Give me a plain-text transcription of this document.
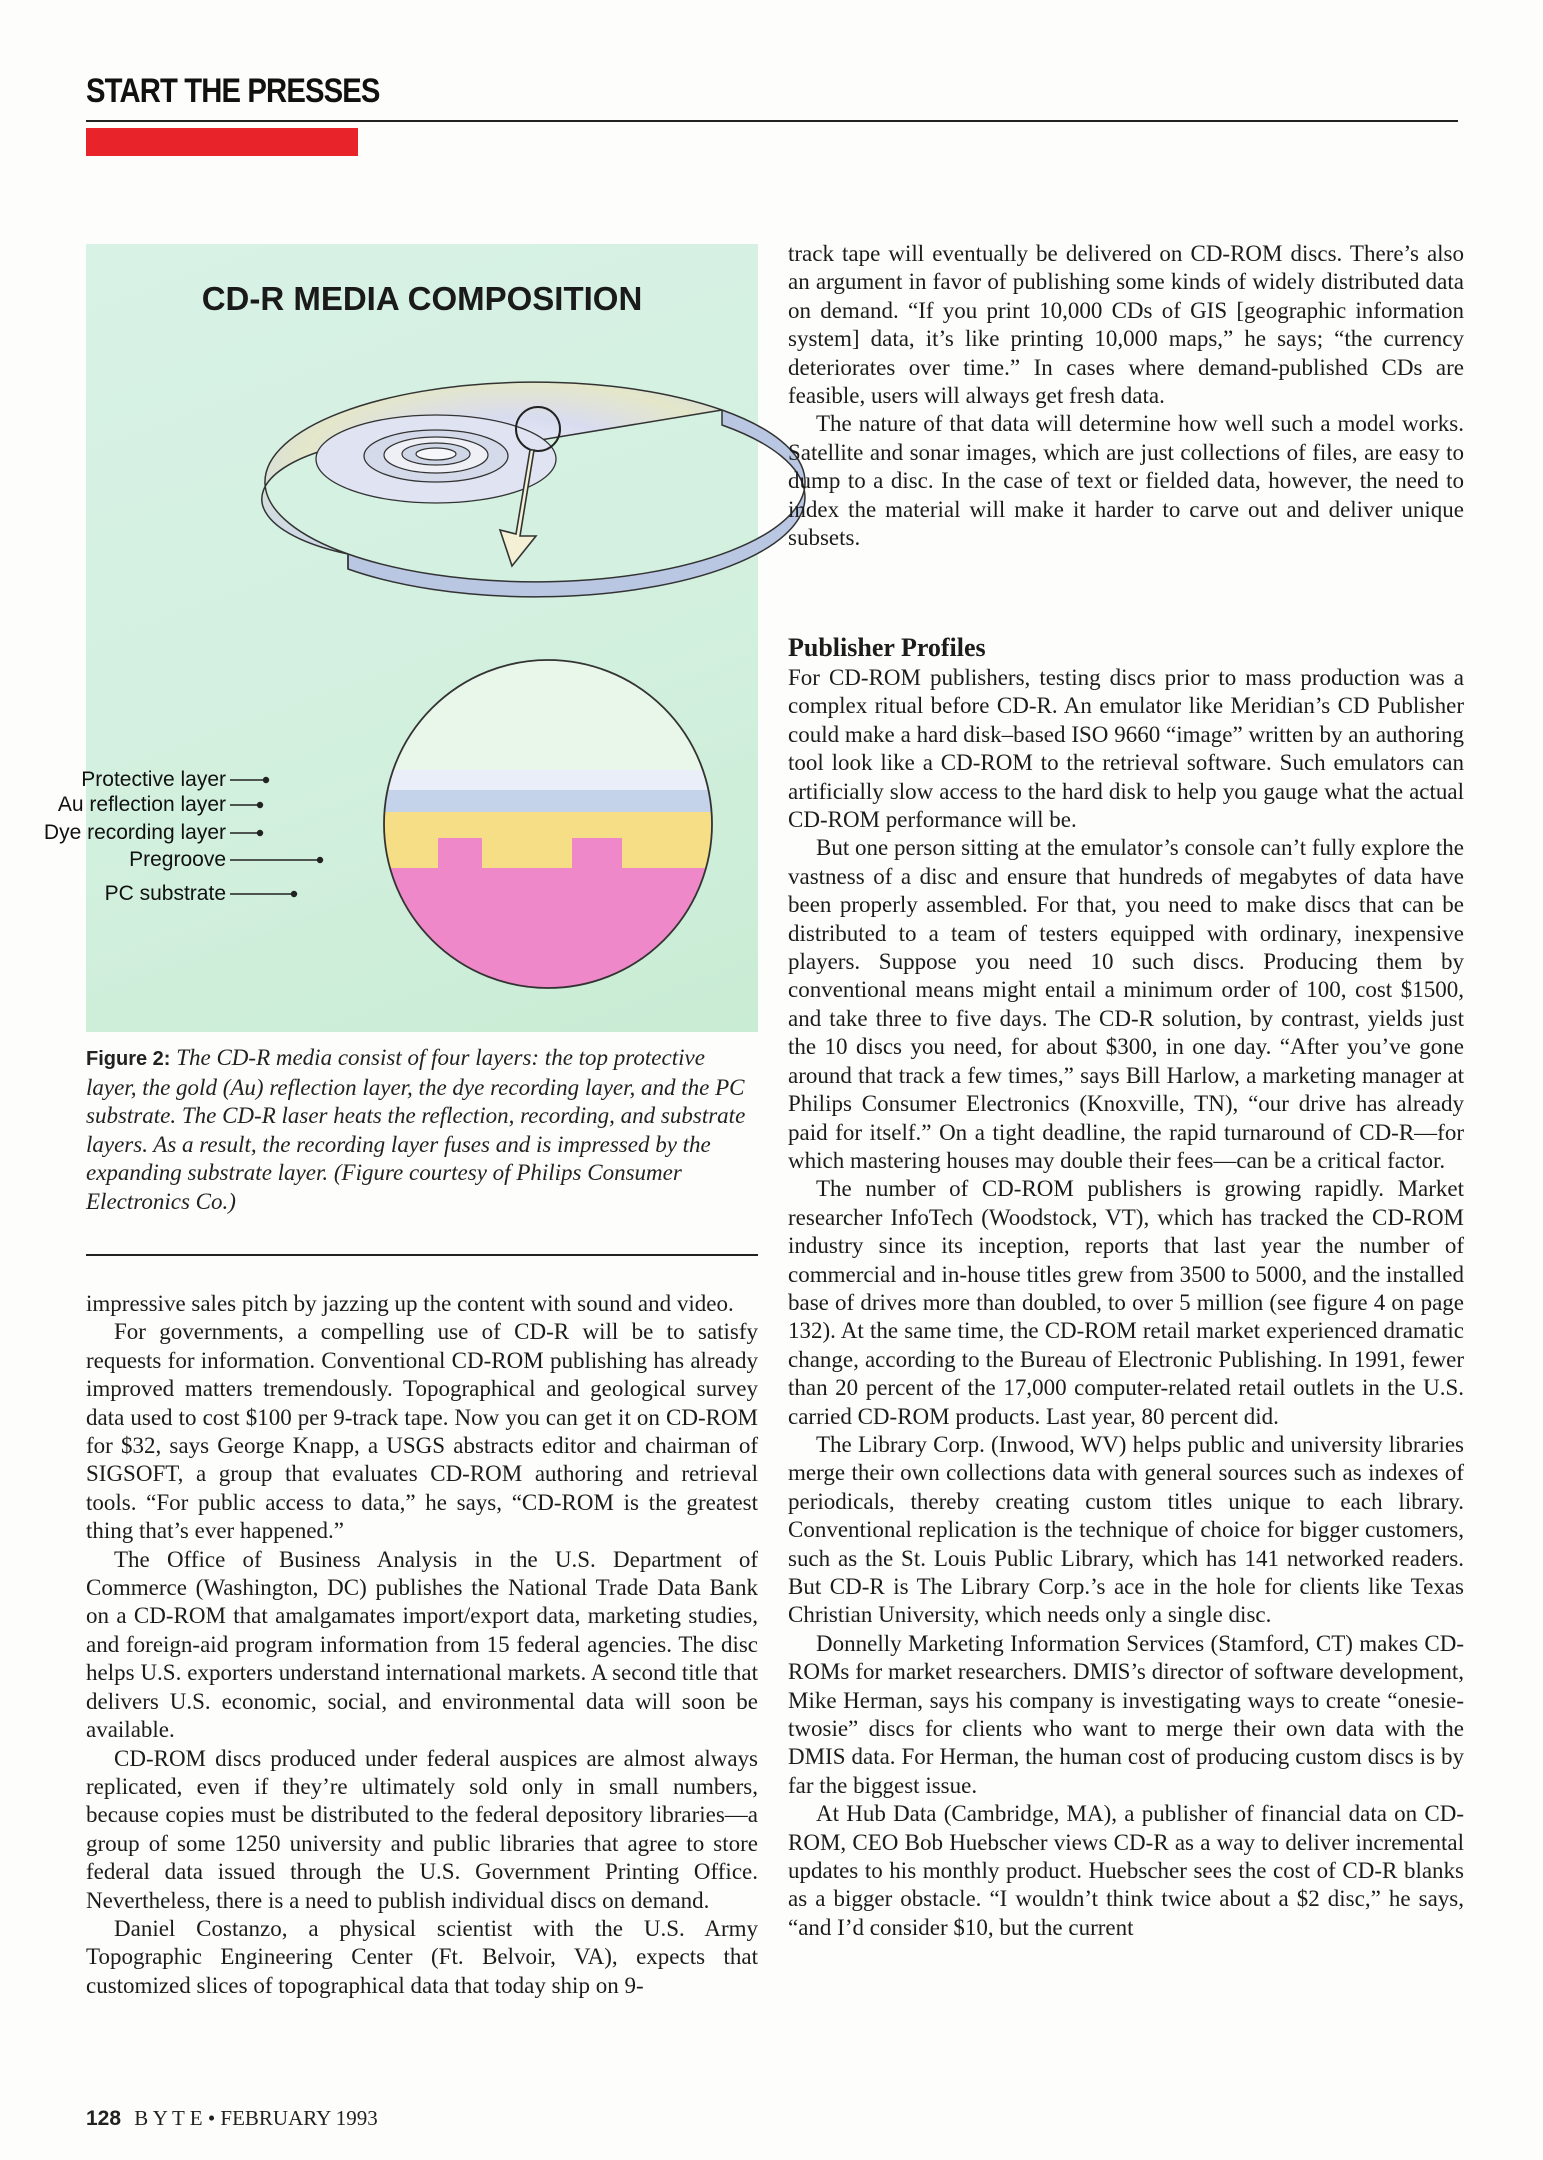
START THE PRESSES
CD-R MEDIA COMPOSITION
Protective layer
Au reflection layer
Dye recording layer
Pregroove
PC substrate
Figure 2: The CD-R media consist of four layers: the top protective layer, the gold (Au) reflection layer, the dye recording layer, and the PC substrate. The CD-R laser heats the reflection, recording, and substrate layers. As a result, the recording layer fuses and is impressed by the expanding substrate layer. (Figure courtesy of Philips Consumer Electronics Co.)

impressive sales pitch by jazzing up the content with sound and video.

For governments, a compelling use of CD-R will be to satisfy requests for information. Conventional CD-ROM publishing has already improved matters tremendously. Topographical and geological survey data used to cost $100 per 9-track tape. Now you can get it on CD-ROM for $32, says George Knapp, a USGS abstracts editor and chairman of SIGSOFT, a group that evaluates CD-ROM authoring and retrieval tools. “For public access to data,” he says, “CD-ROM is the greatest thing that’s ever happened.”

The Office of Business Analysis in the U.S. Department of Commerce (Washington, DC) publishes the National Trade Data Bank on a CD-ROM that amalgamates import/export data, marketing studies, and foreign-aid program information from 15 federal agencies. The disc helps U.S. exporters understand international markets. A second title that delivers U.S. economic, social, and environmental data will soon be available.

CD-ROM discs produced under federal auspices are almost always replicated, even if they’re ultimately sold only in small numbers, because copies must be distributed to the federal depository libraries—a group of some 1250 university and public libraries that agree to store federal data issued through the U.S. Government Printing Office. Nevertheless, there is a need to publish individual discs on demand.

Daniel Costanzo, a physical scientist with the U.S. Army Topographic Engineering Center (Ft. Belvoir, VA), expects that customized slices of topographical data that today ship on 9-

track tape will eventually be delivered on CD-ROM discs. There’s also an argument in favor of publishing some kinds of widely distributed data on demand. “If you print 10,000 CDs of GIS [geographic information system] data, it’s like printing 10,000 maps,” he says; “the currency deteriorates over time.” In cases where demand-published CDs are feasible, users will always get fresh data.

The nature of that data will determine how well such a model works. Satellite and sonar images, which are just collections of files, are easy to dump to a disc. In the case of text or fielded data, however, the need to index the material will make it harder to carve out and deliver unique subsets.

Publisher Profiles

For CD-ROM publishers, testing discs prior to mass production was a complex ritual before CD-R. An emulator like Meridian’s CD Publisher could make a hard disk–based ISO 9660 “image” written by an authoring tool look like a CD-ROM to the retrieval software. Such emulators can artificially slow access to the hard disk to help you gauge what the actual CD-ROM performance will be.

But one person sitting at the emulator’s console can’t fully explore the vastness of a disc and ensure that hundreds of megabytes of data have been properly assembled. For that, you need to make discs that can be distributed to a team of testers equipped with ordinary, inexpensive players. Suppose you need 10 such discs. Producing them by conventional means might entail a minimum order of 100, cost $1500, and take three to five days. The CD-R solution, by contrast, yields just the 10 discs you need, for about $300, in one day. “After you’ve gone around that track a few times,” says Bill Harlow, a marketing manager at Philips Consumer Electronics (Knoxville, TN), “our drive has already paid for itself.” On a tight deadline, the rapid turnaround of CD-R—for which mastering houses may double their fees—can be a critical factor.

The number of CD-ROM publishers is growing rapidly. Market researcher InfoTech (Woodstock, VT), which has tracked the CD-ROM industry since its inception, reports that last year the number of commercial and in-house titles grew from 3500 to 5000, and the installed base of drives more than doubled, to over 5 million (see figure 4 on page 132). At the same time, the CD-ROM retail market experienced dramatic change, according to the Bureau of Electronic Publishing. In 1991, fewer than 20 percent of the 17,000 computer-related retail outlets in the U.S. carried CD-ROM products. Last year, 80 percent did.

The Library Corp. (Inwood, WV) helps public and university libraries merge their own collections data with general sources such as indexes of periodicals, thereby creating custom titles unique to each library. Conventional replication is the technique of choice for bigger customers, such as the St. Louis Public Library, which has 141 networked readers. But CD-R is The Library Corp.’s ace in the hole for clients like Texas Christian University, which needs only a single disc.

Donnelly Marketing Information Services (Stamford, CT) makes CD-ROMs for market researchers. DMIS’s director of software development, Mike Herman, says his company is investigating ways to create “onesie-twosie” discs for clients who want to merge their own data with the DMIS data. For Herman, the human cost of producing custom discs is by far the biggest issue.

At Hub Data (Cambridge, MA), a publisher of financial data on CD-ROM, CEO Bob Huebscher views CD-R as a way to deliver incremental updates to his monthly product. Huebscher sees the cost of CD-R blanks as a bigger obstacle. “I wouldn’t think twice about a $2 disc,” he says, “and I’d consider $10, but the current

128 B Y T E • FEBRUARY 1993
